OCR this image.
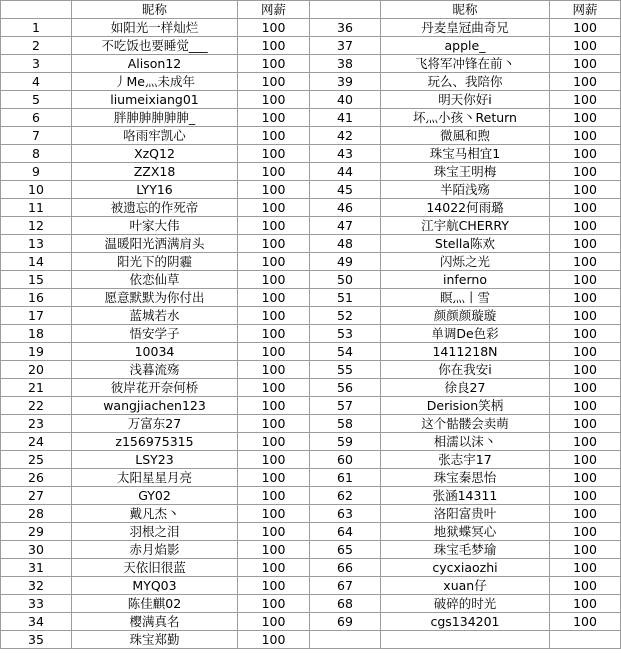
	昵称	网薪		昵称	网薪
1	如阳光一样灿烂	100	36	丹麦皇冠曲奇兄	100
2	不吃饭也要睡觉___	100	37	apple_	100
3	Alison12	100	38	飞将军冲锋在前丶	100
4	丿Me灬未成年	100	39	玩么、我陪你	100
5	liumeixiang01	100	40	明天你好i	100
6	胖胂胂胂胂胂_	100	41	坏灬小孩丶Return	100
7	咯雨牢凯心	100	42	微風和煦	100
8	XzQ12	100	43	珠宝马相宜1	100
9	ZZX18	100	44	珠宝王明梅	100
10	LYY16	100	45	半陌浅殇	100
11	被遗忘的作死帝	100	46	14022何雨璐	100
12	叶家大伟	100	47	江宇航CHERRY	100
13	温暖阳光洒满肩头	100	48	Stella陈欢	100
14	阳光下的阴霾	100	49	闪烁之光	100
15	依恋仙草	100	50	inferno	100
16	愿意默默为你付出	100	51	瞑灬丨雪	100
17	蓝城若水	100	52	颜颜颜璇璇	100
18	悟安学子	100	53	单调De色彩	100
19	10034	100	54	1411218N	100
20	浅暮流殇	100	55	你在我安i	100
21	彼岸花开奈何桥	100	56	徐良27	100
22	wangjiachen123	100	57	Derision笑柄	100
23	万富东27	100	58	这个骷髅会卖萌	100
24	z156975315	100	59	相濡以沫丶	100
25	LSY23	100	60	张志宇17	100
26	太阳星星月亮	100	61	珠宝秦思怡	100
27	GY02	100	62	张涵14311	100
28	戴凡杰丶	100	63	洛阳富贵叶	100
29	羽根之泪	100	64	地狱蝶冥心	100
30	赤月焰影	100	65	珠宝毛梦瑜	100
31	天依旧很蓝	100	66	cycxiaozhi	100
32	MYQ03	100	67	xuan仔	100
33	陈佳麒02	100	68	破碎的时光	100
34	樱满真名	100	69	cgs134201	100
35	珠宝郑勤	100			
